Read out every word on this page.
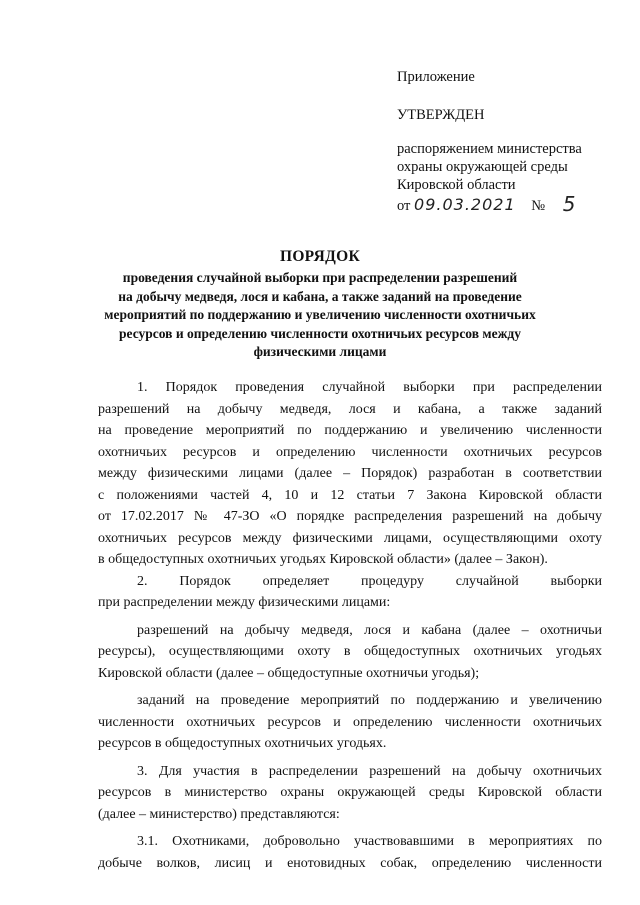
Приложение
УТВЕРЖДЕН
распоряжением министерства
охраны окружающей среды
Кировской области
от 09.03.2021 № 5
ПОРЯДОК
проведения случайной выборки при распределении разрешений
на добычу медведя, лося и кабана, а также заданий на проведение
мероприятий по поддержанию и увеличению численности охотничьих
ресурсов и определению численности охотничьих ресурсов между
физическими лицами
1. Порядок проведения случайной выборки при распределении
разрешений на добычу медведя, лося и кабана, а также заданий
на проведение мероприятий по поддержанию и увеличению численности
охотничьих ресурсов и определению численности охотничьих ресурсов
между физическими лицами (далее – Порядок) разработан в соответствии
с положениями частей 4, 10 и 12 статьи 7 Закона Кировской области
от 17.02.2017 № 47-ЗО «О порядке распределения разрешений на добычу
охотничьих ресурсов между физическими лицами, осуществляющими охоту
в общедоступных охотничьих угодьях Кировской области» (далее – Закон).
2. Порядок определяет процедуру случайной выборки
при распределении между физическими лицами:
разрешений на добычу медведя, лося и кабана (далее – охотничьи
ресурсы), осуществляющими охоту в общедоступных охотничьих угодьях
Кировской области (далее – общедоступные охотничьи угодья);
заданий на проведение мероприятий по поддержанию и увеличению
численности охотничьих ресурсов и определению численности охотничьих
ресурсов в общедоступных охотничьих угодьях.
3. Для участия в распределении разрешений на добычу охотничьих
ресурсов в министерство охраны окружающей среды Кировской области
(далее – министерство) представляются:
3.1. Охотниками, добровольно участвовавшими в мероприятиях по
добыче волков, лисиц и енотовидных собак, определению численности
